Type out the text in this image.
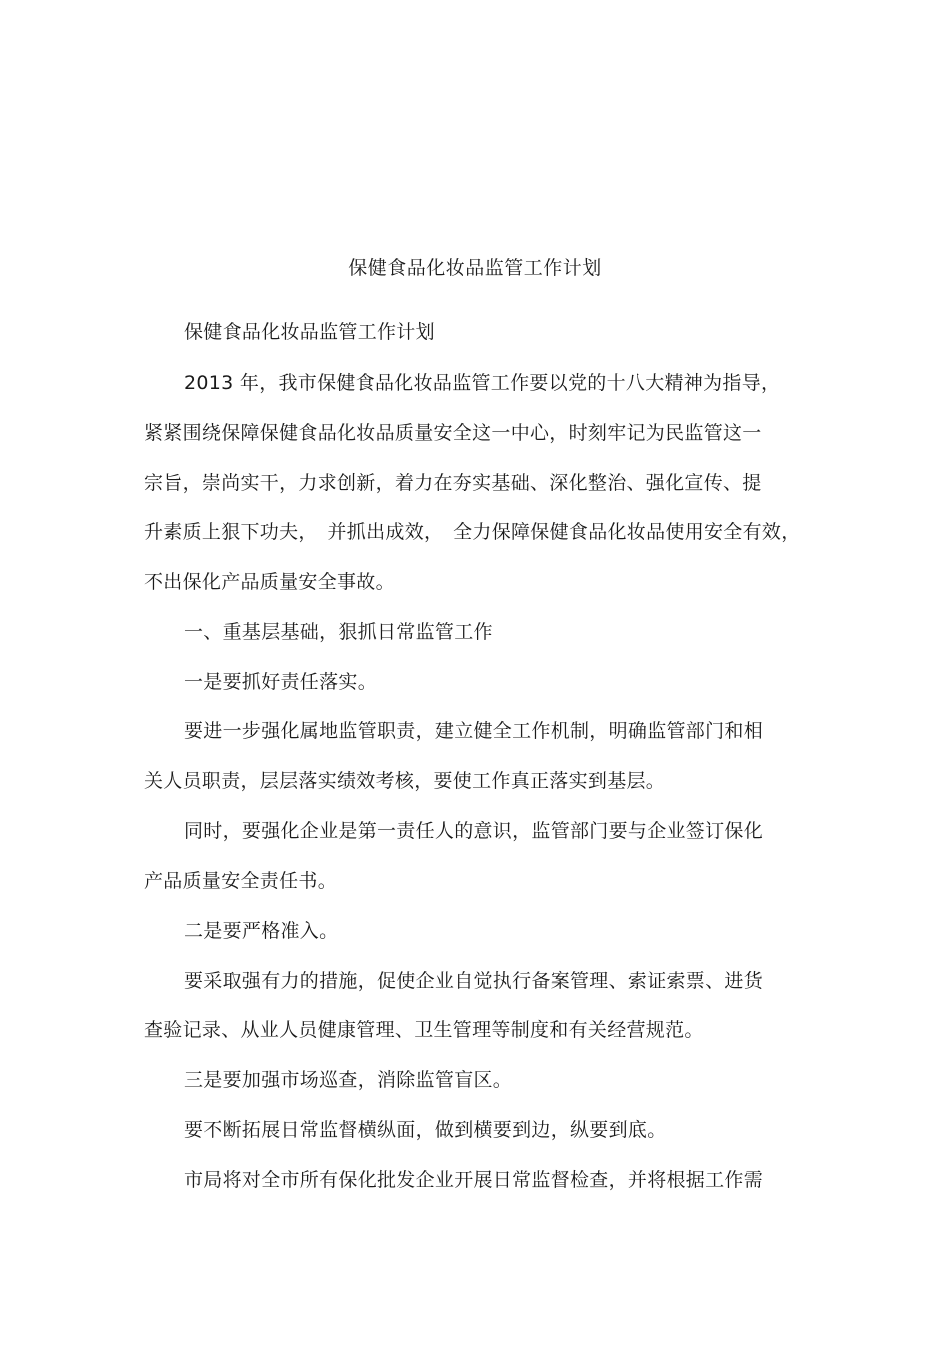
保健食品化妆品监管工作计划
保健食品化妆品监管工作计划
2013 年，我市保健食品化妆品监管工作要以党的十八大精神为指导，
紧紧围绕保障保健食品化妆品质量安全这一中心，时刻牢记为民监管这一
宗旨，崇尚实干，力求创新，着力在夯实基础、深化整治、强化宣传、提
升素质上狠下功夫，　并抓出成效，　全力保障保健食品化妆品使用安全有效，
不出保化产品质量安全事故。
一、重基层基础，狠抓日常监管工作
一是要抓好责任落实。
要进一步强化属地监管职责，建立健全工作机制，明确监管部门和相
关人员职责，层层落实绩效考核，要使工作真正落实到基层。
同时，要强化企业是第一责任人的意识，监管部门要与企业签订保化
产品质量安全责任书。
二是要严格准入。
要采取强有力的措施，促使企业自觉执行备案管理、索证索票、进货
查验记录、从业人员健康管理、卫生管理等制度和有关经营规范。
三是要加强市场巡查，消除监管盲区。
要不断拓展日常监督横纵面，做到横要到边，纵要到底。
市局将对全市所有保化批发企业开展日常监督检查，并将根据工作需
